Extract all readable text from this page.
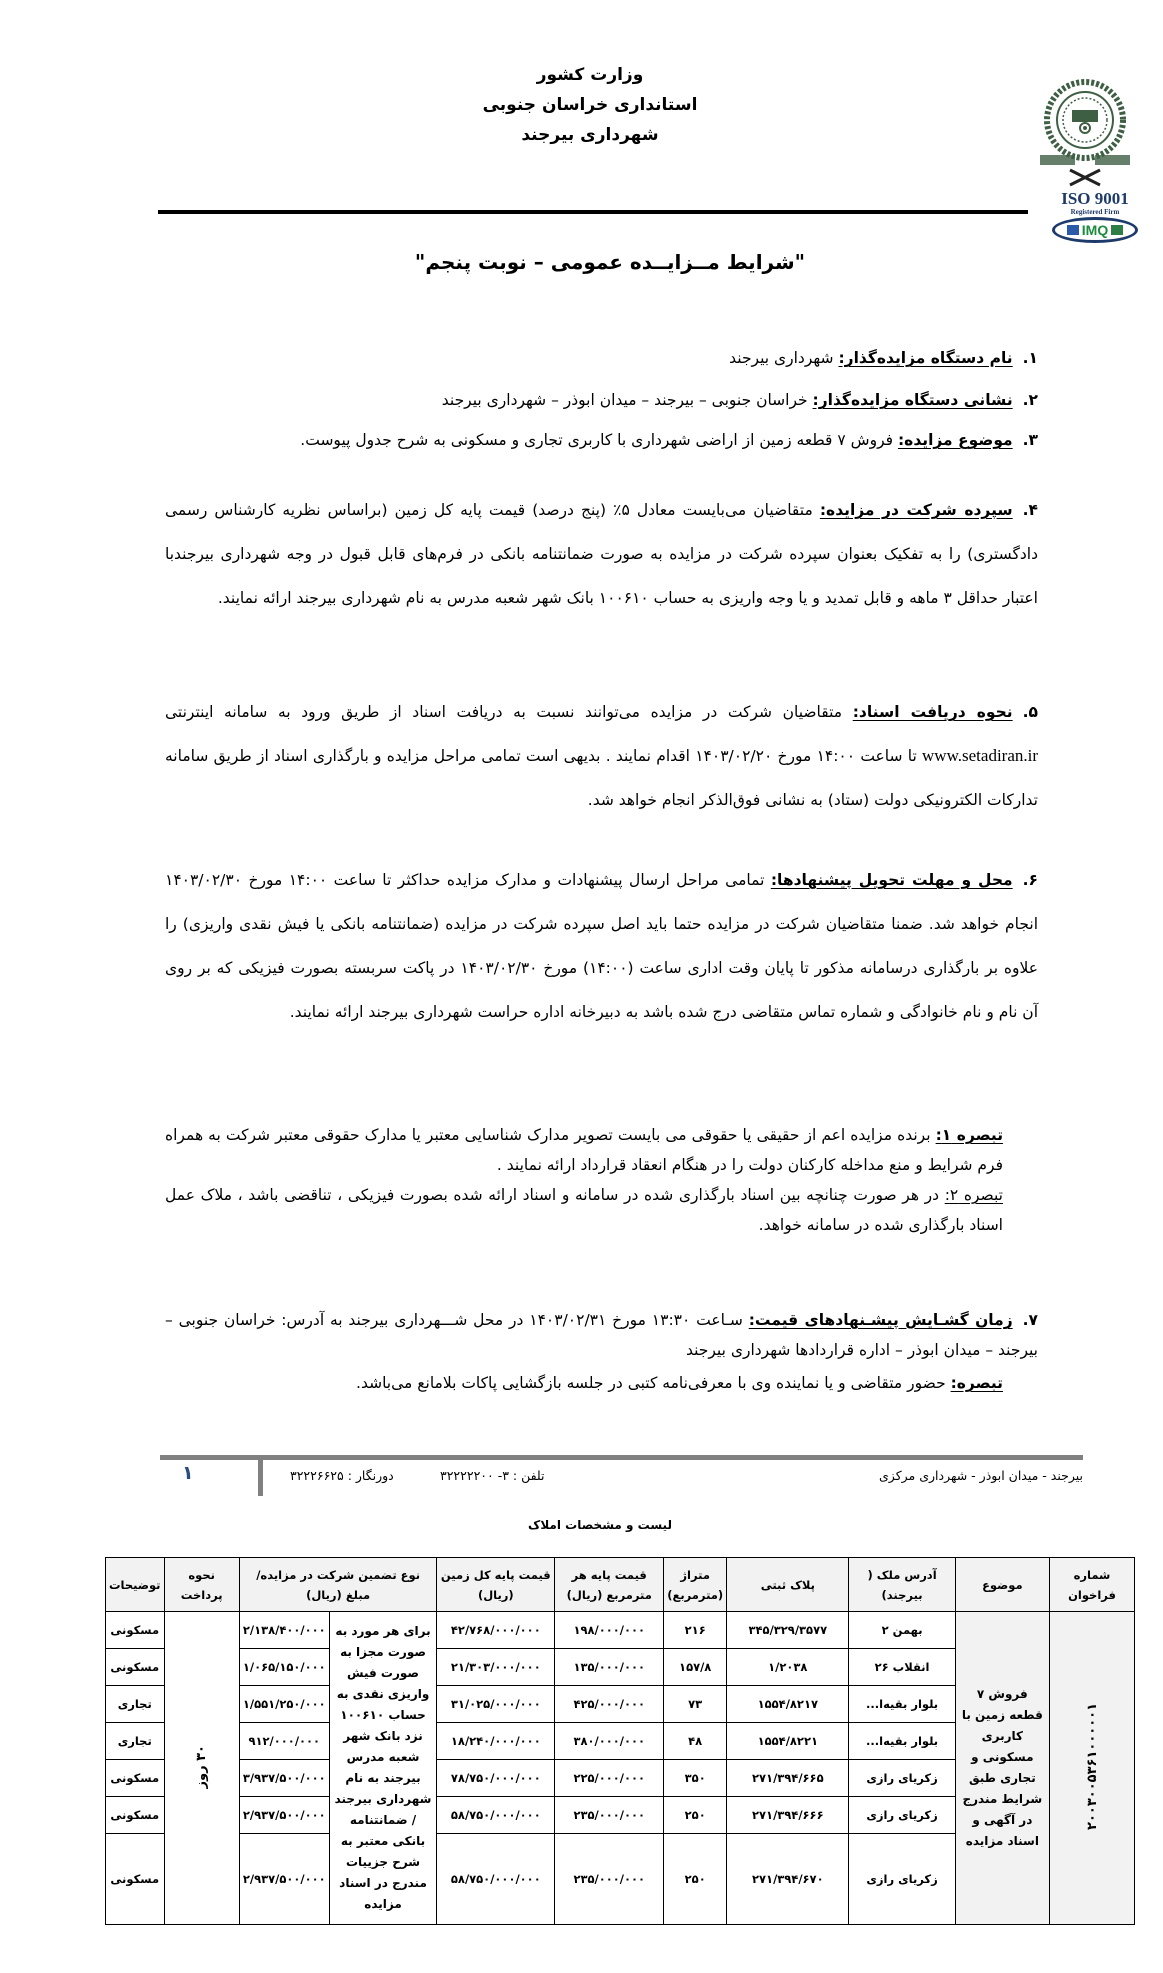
وزارت کشور
استانداری خراسان جنوبی
شهرداری بیرجند
ISO 9001
Registered Firm
IMQ
"شرایط مــزایــده عمومی – نوبت پنجم"
۱.نام دستگاه مزایده‌گذار: شهرداری بیرجند
۲.نشانی دستگاه مزایده‌گذار: خراسان جنوبی – بیرجند – میدان ابوذر – شهرداری بیرجند
۳.موضوع مزایده: فروش ۷ قطعه زمین از اراضی شهرداری با کاربری تجاری و مسکونی به شرح جدول پیوست.
۴.سپرده شرکت در مزایده: متقاضیان می‌بایست معادل ۵٪ (پنج درصد) قیمت پایه کل زمین (براساس نظریه کارشناس رسمی دادگستری) را به تفکیک بعنوان سپرده شرکت در مزایده به صورت ضمانتنامه بانکی در فرم‌های قابل قبول در وجه شهرداری بیرجندبا اعتبار حداقل ۳ ماهه و قابل تمدید و یا وجه واریزی به حساب ۱۰۰۶۱۰ بانک شهر شعبه مدرس به نام شهرداری بیرجند ارائه نمایند.
۵.نحوه دریافت اسناد: متقاضیان شرکت در مزایده می‌توانند نسبت به دریافت اسناد از طریق ورود به سامانه اینترنتی www.setadiran.ir تا ساعت ۱۴:۰۰ مورخ ۱۴۰۳/۰۲/۲۰ اقدام نمایند . بدیهی است تمامی مراحل مزایده و بارگذاری اسناد از طریق سامانه تدارکات الکترونیکی دولت (ستاد) به نشانی فوق‌الذکر انجام خواهد شد.
۶.محل و مهلت تحویل پیشنهادها: تمامی مراحل ارسال پیشنهادات و مدارک مزایده حداکثر تا ساعت ۱۴:۰۰ مورخ ۱۴۰۳/۰۲/۳۰ انجام خواهد شد. ضمنا متقاضیان شرکت در مزایده حتما باید اصل سپرده شرکت در مزایده (ضمانتنامه بانکی یا فیش نقدی واریزی) را علاوه بر بارگذاری درسامانه مذکور تا پایان وقت اداری ساعت (۱۴:۰۰) مورخ ۱۴۰۳/۰۲/۳۰ در پاکت سربسته بصورت فیزیکی که بر روی آن نام و نام خانوادگی و شماره تماس متقاضی درج شده باشد به دبیرخانه اداره حراست شهرداری بیرجند ارائه نمایند.
تبصره ۱: برنده مزایده اعم از حقیقی یا حقوقی می بایست تصویر مدارک شناسایی معتبر یا مدارک حقوقی معتبر شرکت به همراه فرم شرایط و منع مداخله کارکنان دولت را در هنگام انعقاد قرارداد ارائه نمایند .
تبصره ۲: در هر صورت چنانچه بین اسناد بارگذاری شده در سامانه و اسناد ارائه شده بصورت فیزیکی ، تناقضی باشد ، ملاک عمل اسناد بارگذاری شده در سامانه خواهد.
۷.زمان گشـایش پیشـنهادهای قیمت: سـاعت ۱۳:۳۰ مورخ ۱۴۰۳/۰۲/۳۱ در محل شـــهرداری بیرجند به آدرس: خراسان جنوبی – بیرجند – میدان ابوذر – اداره قراردادها شهرداری بیرجند
تبصره: حضور متقاضی و یا نماینده وی با معرفی‌نامه کتبی در جلسه بازگشایی پاکات بلامانع می‌باشد.
۱	دورنگار : ۳۲۲۲۶۶۲۵	تلفن : ۳- ۳۲۲۲۲۲۰۰	بیرجند - میدان ابوذر - شهرداری مرکزی
لیست و مشخصات املاک
شماره فراخوان	موضوع	آدرس ملک ( بیرجند)	پلاک ثبتی	متراژ (مترمربع)	قیمت پایه هر مترمربع (ریال)	قیمت پایه کل زمین (ریال)	نوع تضمین شرکت در مزایده/ مبلغ (ریال)		نحوه پرداخت	توضیحات
۲۰۰۳۰۰۵۳۶۱۰۰۰۰۰۱	فروش ۷ قطعه زمین با کاربری مسکونی و تجاری طبق شرایط مندرج در آگهی و اسناد مزایده	بهمن ۲	۳۴۵/۳۲۹/۳۵۷۷	۲۱۶	۱۹۸/۰۰۰/۰۰۰	۴۲/۷۶۸/۰۰۰/۰۰۰	برای هر مورد به صورت مجزا به صورت فیش واریزی نقدی به حساب ۱۰۰۶۱۰ نزد بانک شهر شعبه مدرس بیرجند به نام شهرداری بیرجند / ضمانتنامه بانکی معتبر به شرح جزییات مندرج در اسناد مزایده	۲/۱۳۸/۴۰۰/۰۰۰	۳۰ روز	مسکونی
		انقلاب ۲۶	۱/۲۰۳۸	۱۵۷/۸	۱۳۵/۰۰۰/۰۰۰	۲۱/۳۰۳/۰۰۰/۰۰۰		۱/۰۶۵/۱۵۰/۰۰۰		مسکونی
		بلوار بقیه‌ا...	۱۵۵۴/۸۲۱۷	۷۳	۴۲۵/۰۰۰/۰۰۰	۳۱/۰۲۵/۰۰۰/۰۰۰		۱/۵۵۱/۲۵۰/۰۰۰		تجاری
		بلوار بقیه‌ا...	۱۵۵۴/۸۲۲۱	۴۸	۳۸۰/۰۰۰/۰۰۰	۱۸/۲۴۰/۰۰۰/۰۰۰		۹۱۲/۰۰۰/۰۰۰		تجاری
		زکریای رازی	۲۷۱/۳۹۴/۶۶۵	۳۵۰	۲۲۵/۰۰۰/۰۰۰	۷۸/۷۵۰/۰۰۰/۰۰۰		۳/۹۳۷/۵۰۰/۰۰۰		مسکونی
		زکریای رازی	۲۷۱/۳۹۴/۶۶۶	۲۵۰	۲۳۵/۰۰۰/۰۰۰	۵۸/۷۵۰/۰۰۰/۰۰۰		۲/۹۳۷/۵۰۰/۰۰۰		مسکونی
		زکریای رازی	۲۷۱/۳۹۴/۶۷۰	۲۵۰	۲۳۵/۰۰۰/۰۰۰	۵۸/۷۵۰/۰۰۰/۰۰۰		۲/۹۳۷/۵۰۰/۰۰۰		مسکونی
